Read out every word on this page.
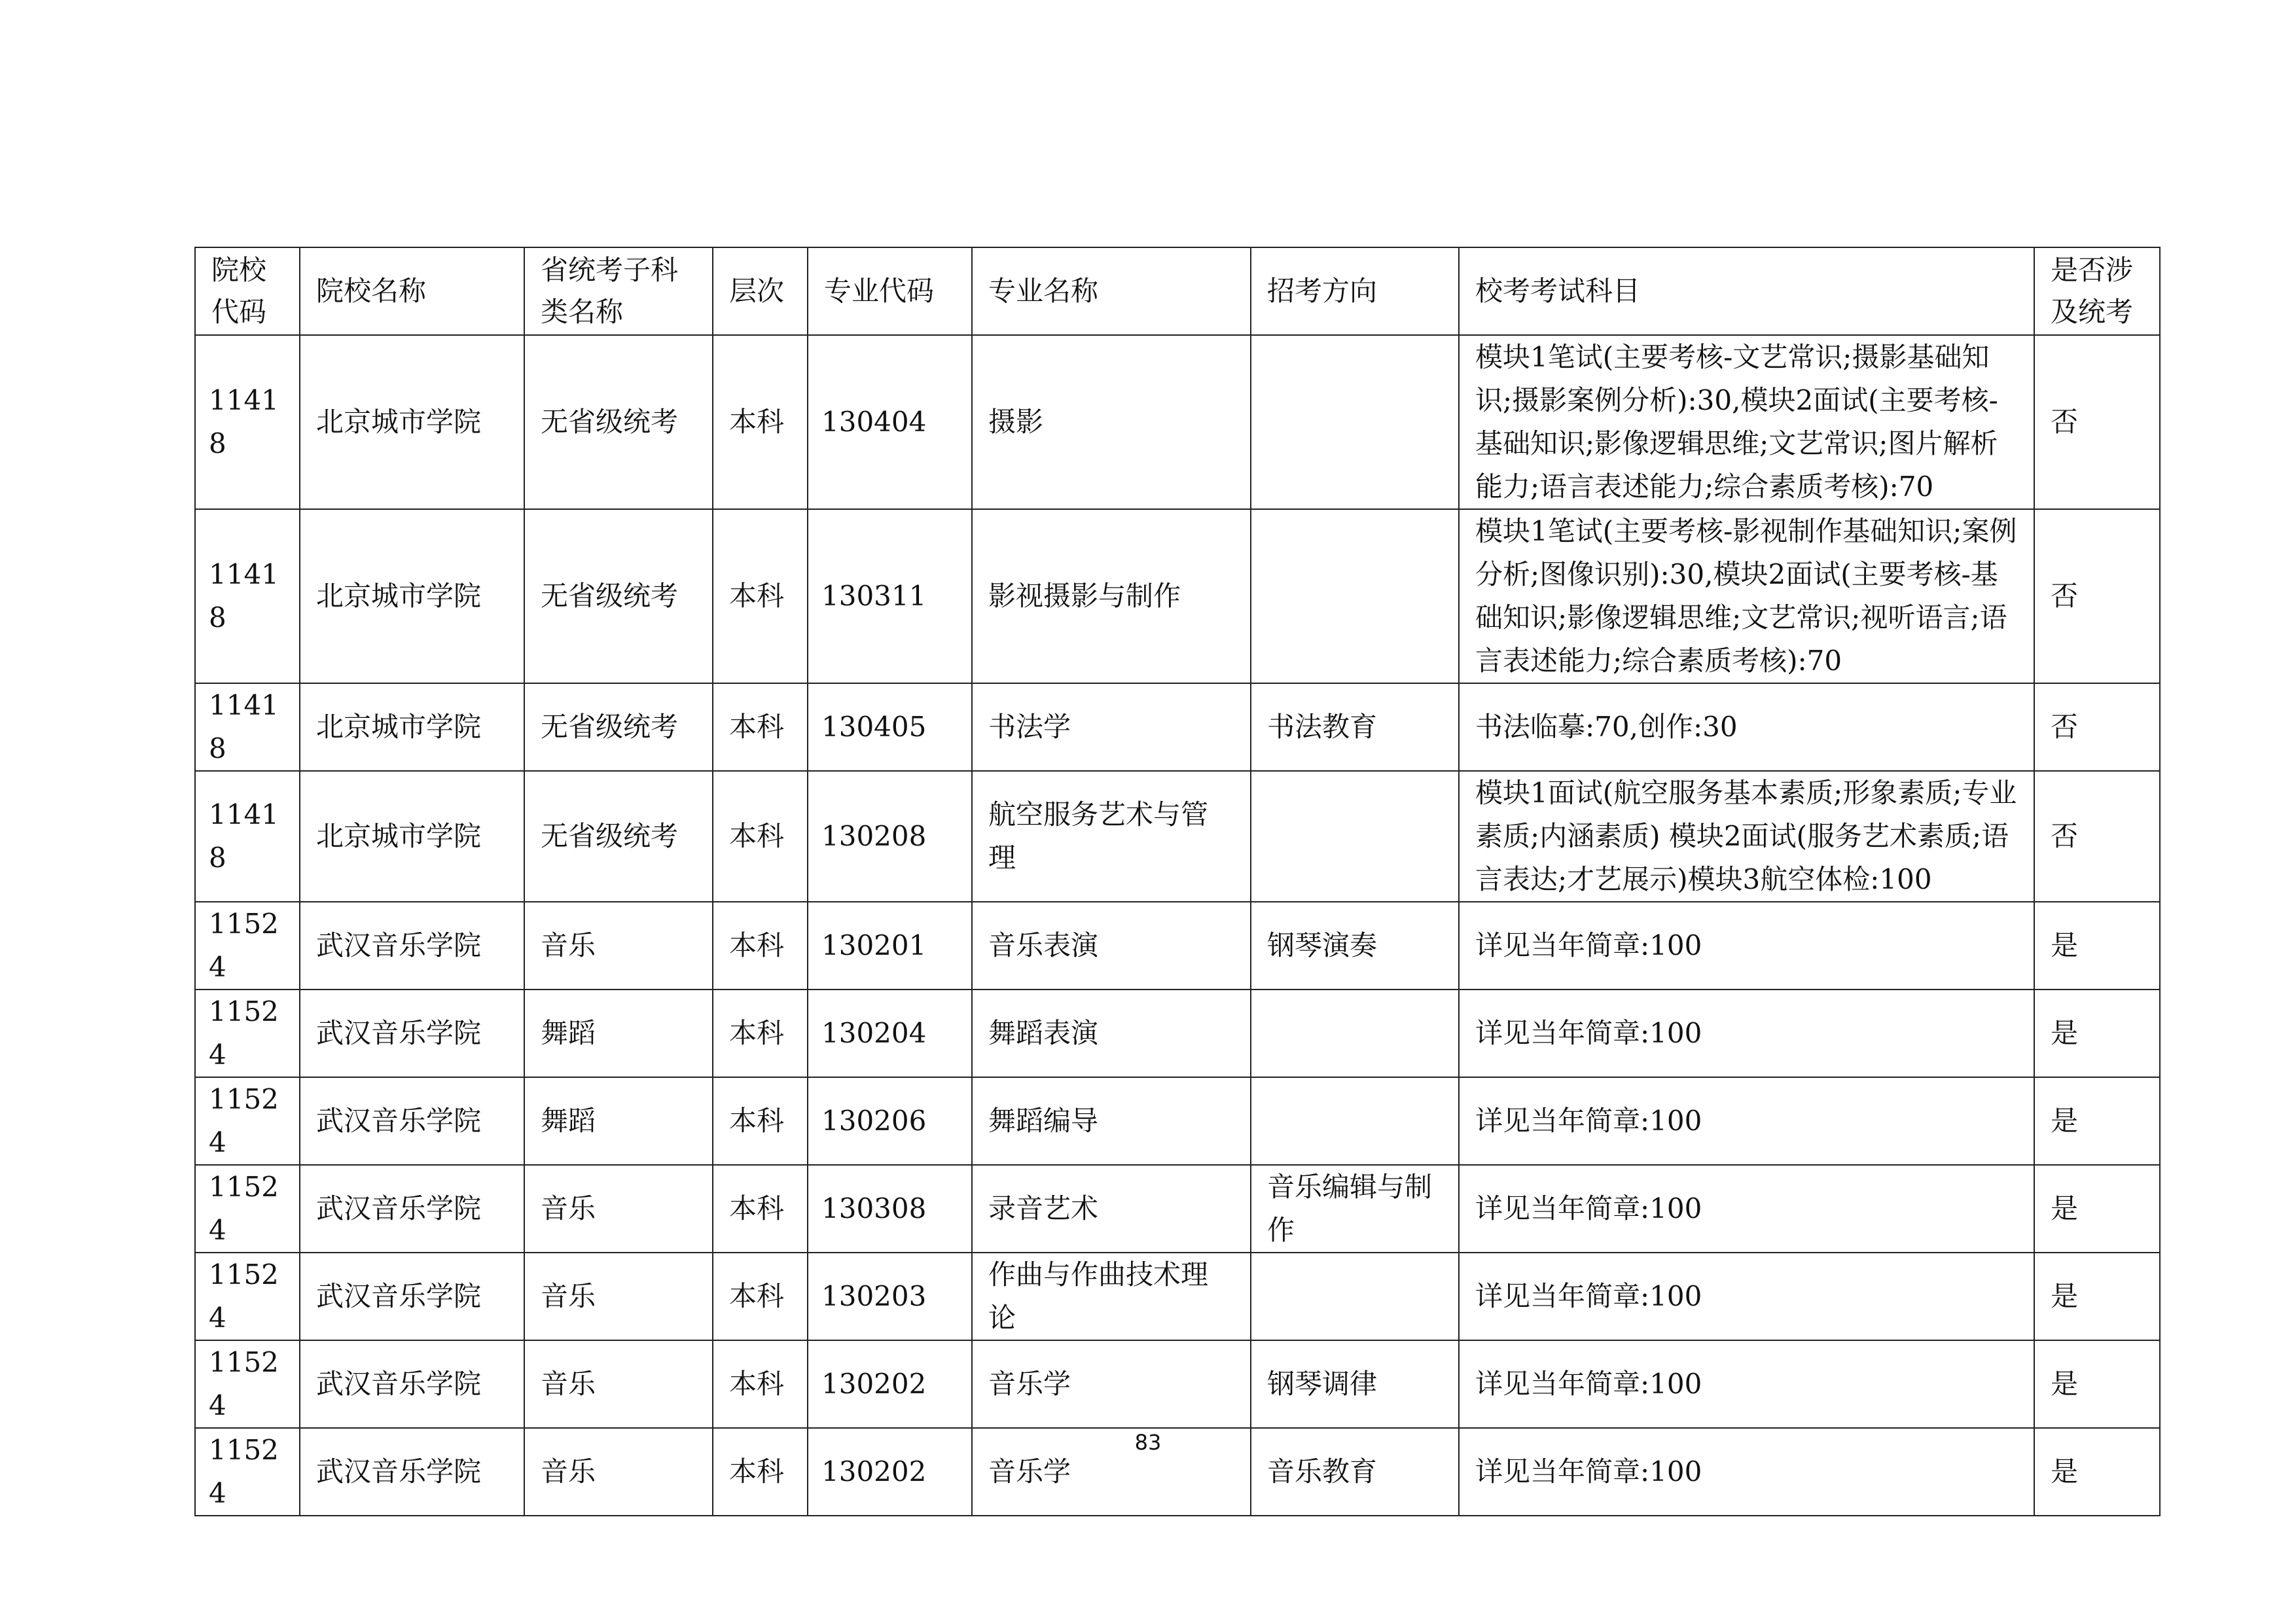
院校代码	院校名称	省统考子科类名称	层次	专业代码	专业名称	招考方向	校考考试科目	是否涉及统考
11418	北京城市学院	无省级统考	本科	130404	摄影		模块1笔试(主要考核-文艺常识;摄影基础知识;摄影案例分析):30,模块2面试(主要考核-基础知识;影像逻辑思维;文艺常识;图片解析能力;语言表述能力;综合素质考核):70	否
11418	北京城市学院	无省级统考	本科	130311	影视摄影与制作		模块1笔试(主要考核-影视制作基础知识;案例分析;图像识别):30,模块2面试(主要考核-基础知识;影像逻辑思维;文艺常识;视听语言;语言表述能力;综合素质考核):70	否
11418	北京城市学院	无省级统考	本科	130405	书法学	书法教育	书法临摹:70,创作:30	否
11418	北京城市学院	无省级统考	本科	130208	航空服务艺术与管理		模块1面试(航空服务基本素质;形象素质;专业素质;内涵素质) 模块2面试(服务艺术素质;语言表达;才艺展示)模块3航空体检:100	否
11524	武汉音乐学院	音乐	本科	130201	音乐表演	钢琴演奏	详见当年简章:100	是
11524	武汉音乐学院	舞蹈	本科	130204	舞蹈表演		详见当年简章:100	是
11524	武汉音乐学院	舞蹈	本科	130206	舞蹈编导		详见当年简章:100	是
11524	武汉音乐学院	音乐	本科	130308	录音艺术	音乐编辑与制作	详见当年简章:100	是
11524	武汉音乐学院	音乐	本科	130203	作曲与作曲技术理论		详见当年简章:100	是
11524	武汉音乐学院	音乐	本科	130202	音乐学	钢琴调律	详见当年简章:100	是
11524	武汉音乐学院	音乐	本科	130202	音乐学	音乐教育	详见当年简章:100	是
83
